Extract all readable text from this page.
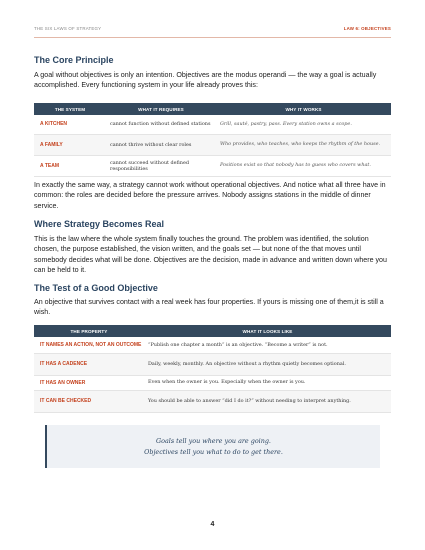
THE SIX LAWS OF STRATEGY	LAW 6: OBJECTIVES
The Core Principle

A goal without objectives is only an intention. Objectives are the modus operandi — the way a goal is actually accomplished. Every functioning system in your life already proves this:

THE SYSTEM	WHAT IT REQUIRES	WHY IT WORKS
A KITCHEN	cannot function without defined stations	Grill, sauté, pastry, pass. Every station owns a scope.
A FAMILY	cannot thrive without clear roles	Who provides, who teaches, who keeps the rhythm of the house.
A TEAM	cannot succeed without defined responsibilities	Positions exist so that nobody has to guess who covers what.

In exactly the same way, a strategy cannot work without operational objectives. And notice what all three have in common: the roles are decided before the pressure arrives. Nobody assigns stations in the middle of dinner service.

Where Strategy Becomes Real

This is the law where the whole system finally touches the ground. The problem was identified, the solution chosen, the purpose established, the vision written, and the goals set — but none of the that moves until somebody decides what will be done. Objectives are the decision, made in advance and written down where you can be held to it.

The Test of a Good Objective

An objective that survives contact with a real week has four properties. If yours is missing one of them,it is still a wish.

THE PROPERTY	WHAT IT LOOKS LIKE
IT NAMES AN ACTION, NOT AN OUTCOME	“Publish one chapter a month” is an objective. “Become a writer” is not.
IT HAS A CADENCE	Daily, weekly, monthly. An objective without a rhythm quietly becomes optional.
IT HAS AN OWNER	Even when the owner is you. Especially when the owner is you.
IT CAN BE CHECKED	You should be able to answer “did I do it?” without needing to interpret anything.
Goals tell you where you are going.
Objectives tell you what to do to get there.
4
